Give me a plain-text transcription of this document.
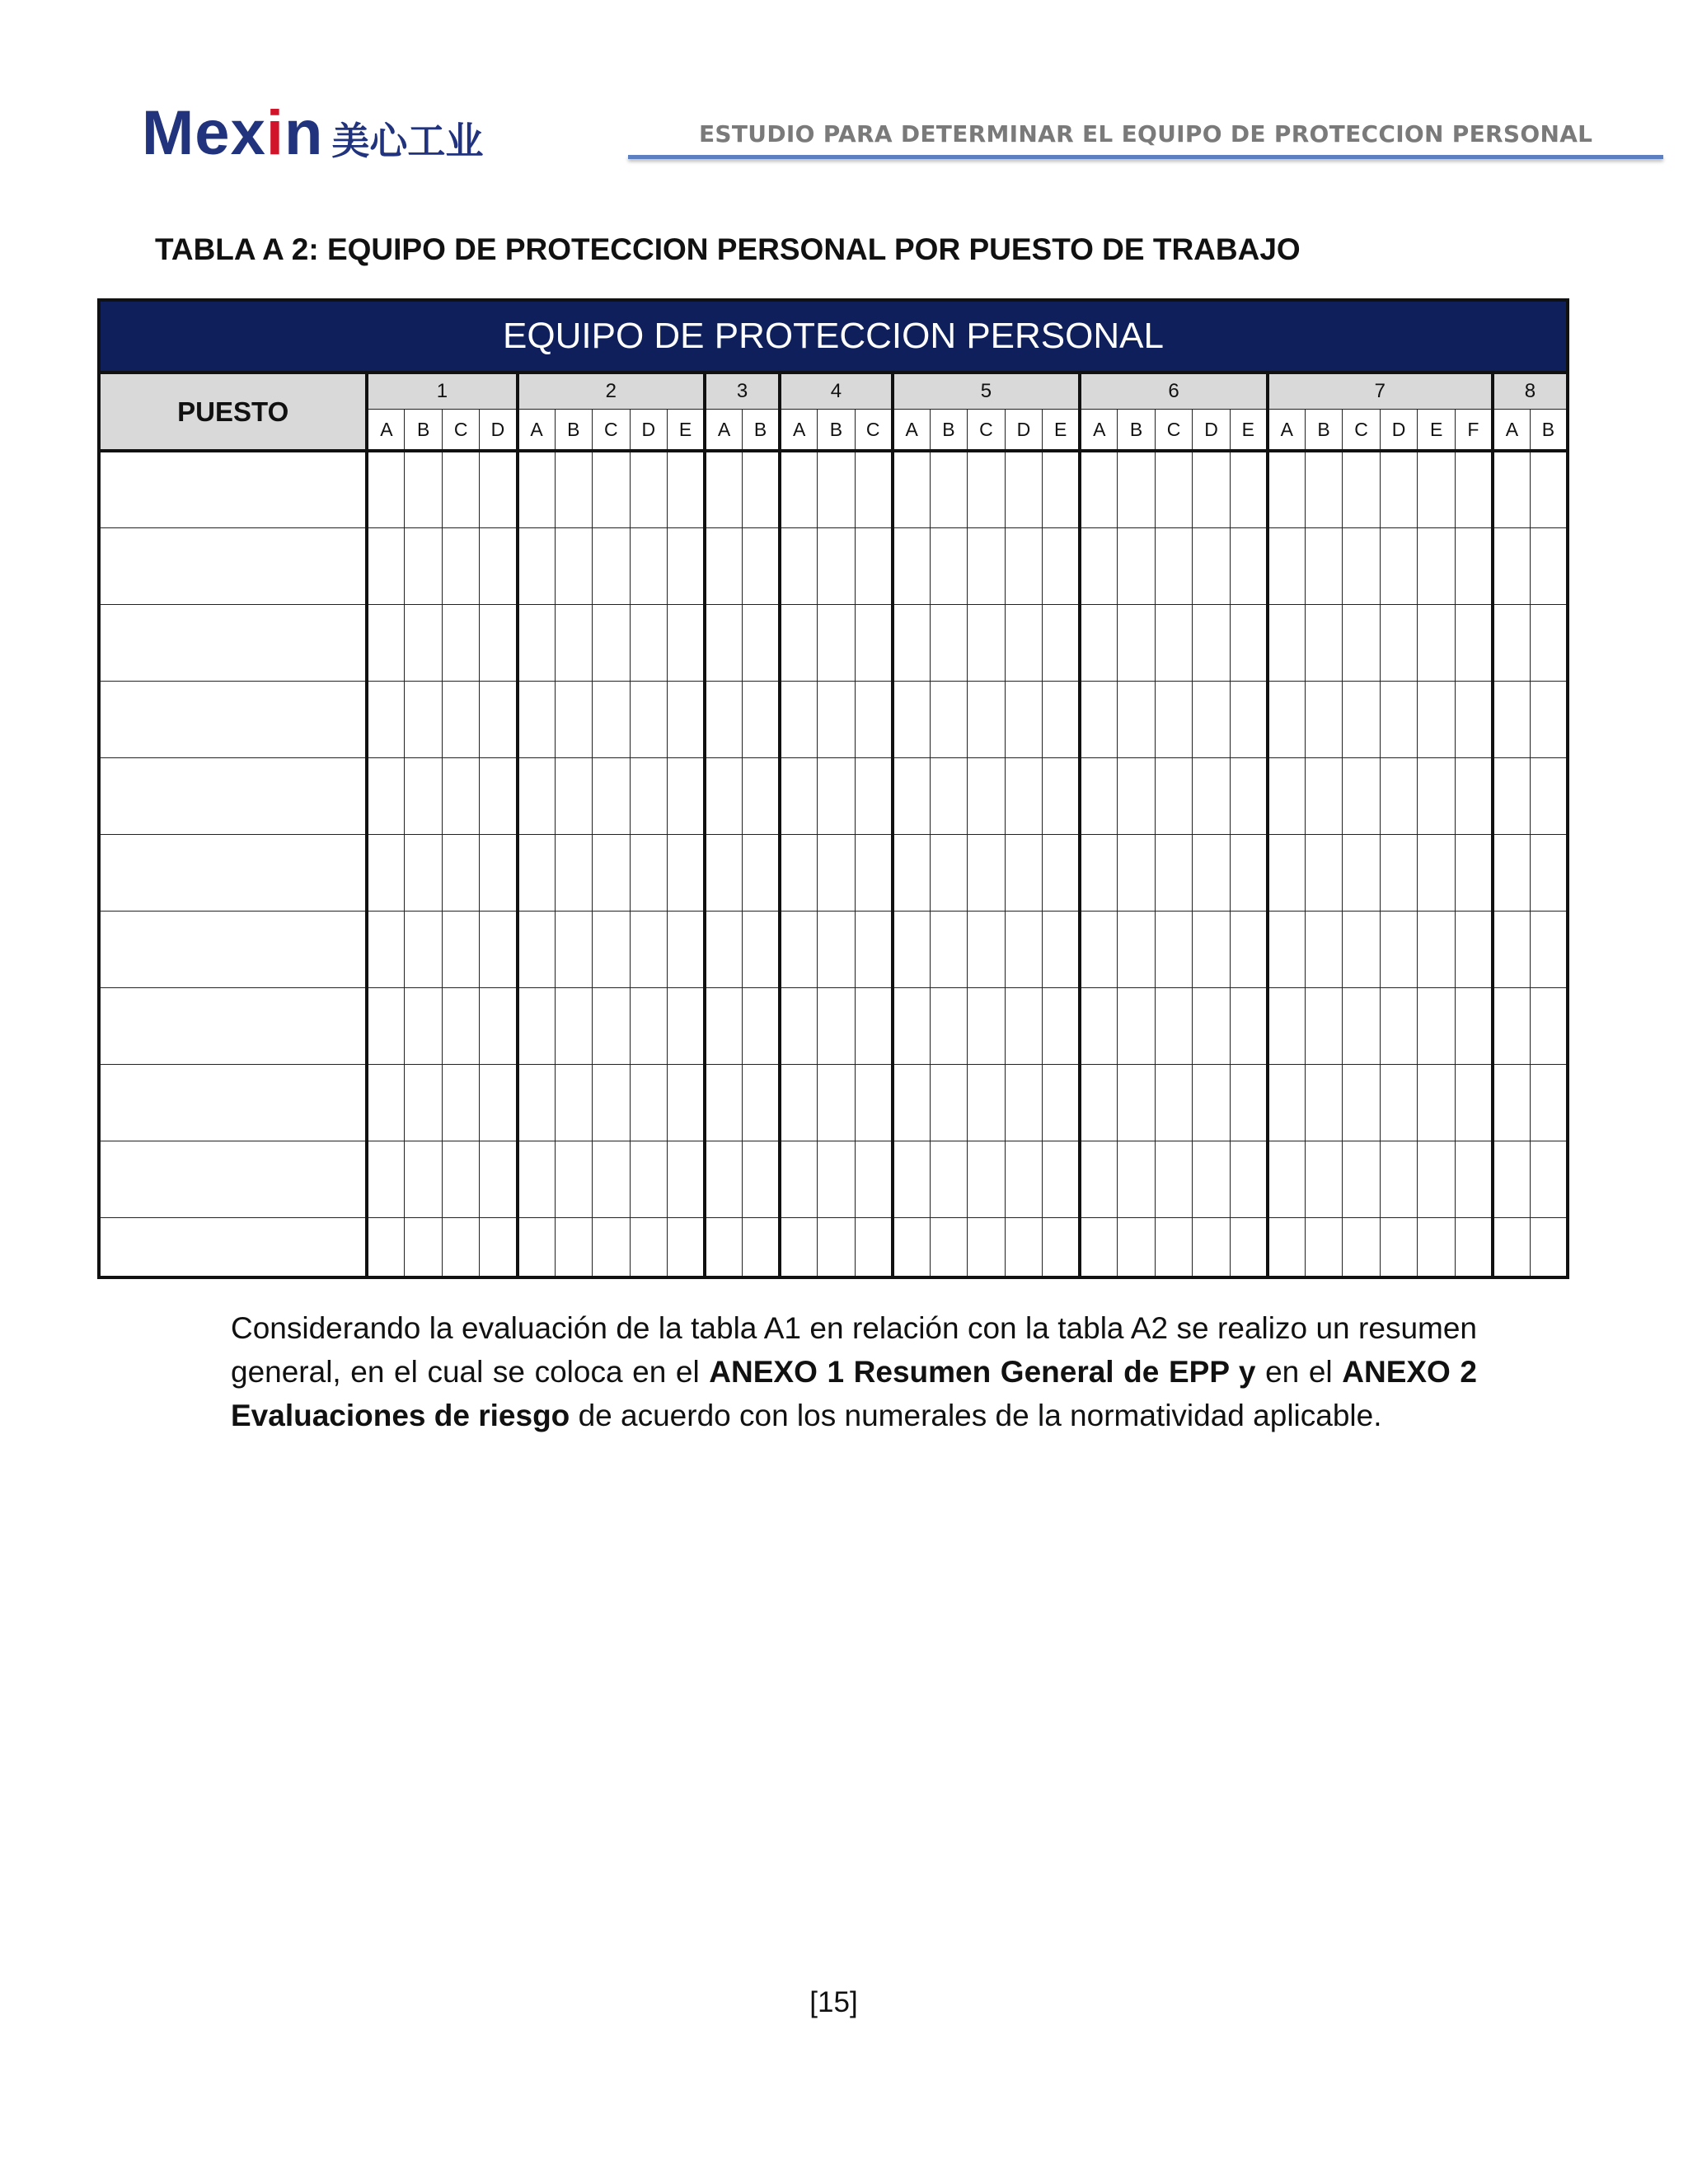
Mexin 美心工业	ESTUDIO PARA DETERMINAR EL EQUIPO DE PROTECCION PERSONAL
TABLA A 2: EQUIPO DE PROTECCION PERSONAL POR PUESTO DE TRABAJO
EQUIPO DE PROTECCION PERSONAL																																
PUESTO	1				2					3		4			5					6					7						8	
	A	B	C	D	A	B	C	D	E	A	B	A	B	C	A	B	C	D	E	A	B	C	D	E	A	B	C	D	E	F	A	B

Considerando la evaluación de la tabla A1 en relación con la tabla A2 se realizo un resumen general, en el cual se coloca en el ANEXO 1 Resumen General de EPP y en el ANEXO 2 Evaluaciones de riesgo de acuerdo con los numerales de la normatividad aplicable.
[15]
